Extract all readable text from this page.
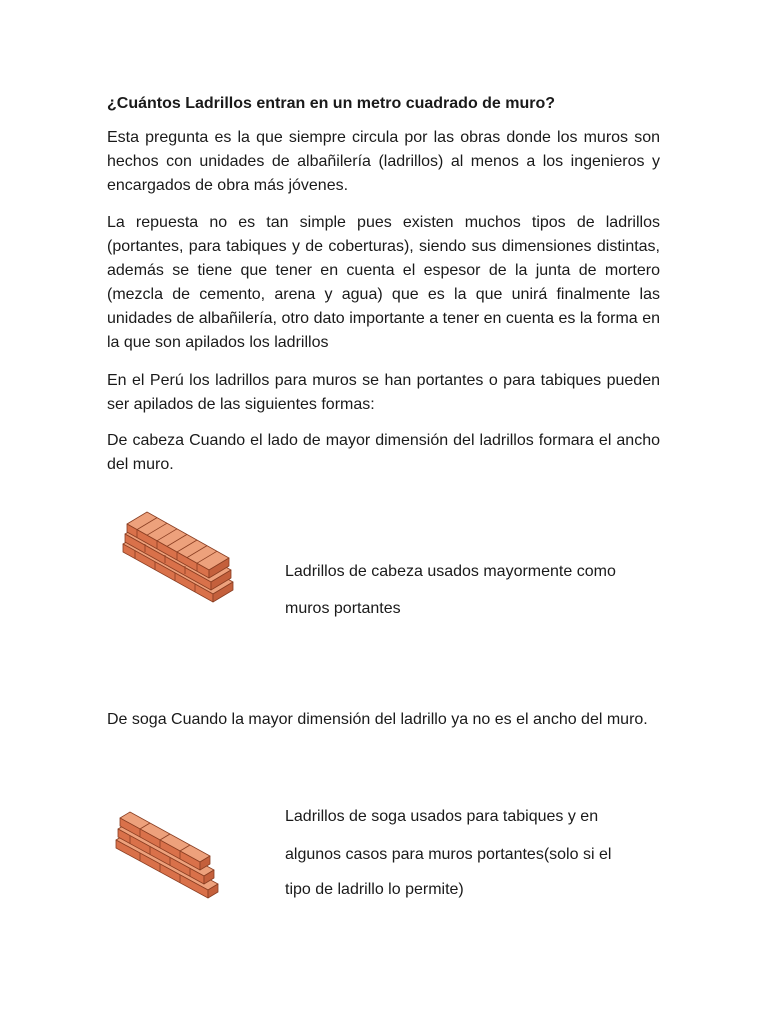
¿Cuántos Ladrillos entran en un metro cuadrado de muro?

Esta pregunta es la que siempre circula por las obras donde los muros son hechos con unidades de albañilería (ladrillos) al menos a los ingenieros y encargados de obra más jóvenes.

La repuesta no es tan simple pues existen muchos tipos de ladrillos (portantes, para tabiques y de coberturas), siendo sus dimensiones distintas, además se tiene que tener en cuenta el espesor de la junta de mortero (mezcla de cemento, arena y agua) que es la que unirá finalmente las unidades de albañilería, otro dato importante a tener en cuenta es la forma en la que son apilados los ladrillos

En el Perú los ladrillos para muros se han portantes o para tabiques pueden ser apilados de las siguientes formas:

De cabeza Cuando el lado de mayor dimensión del ladrillos formara el ancho del muro.

Ladrillos de cabeza usados mayormente como

muros portantes

De soga Cuando la mayor dimensión del ladrillo ya no es el ancho del muro.

Ladrillos de soga usados para tabiques y en

algunos casos para muros portantes(solo si el

tipo de ladrillo lo permite)
